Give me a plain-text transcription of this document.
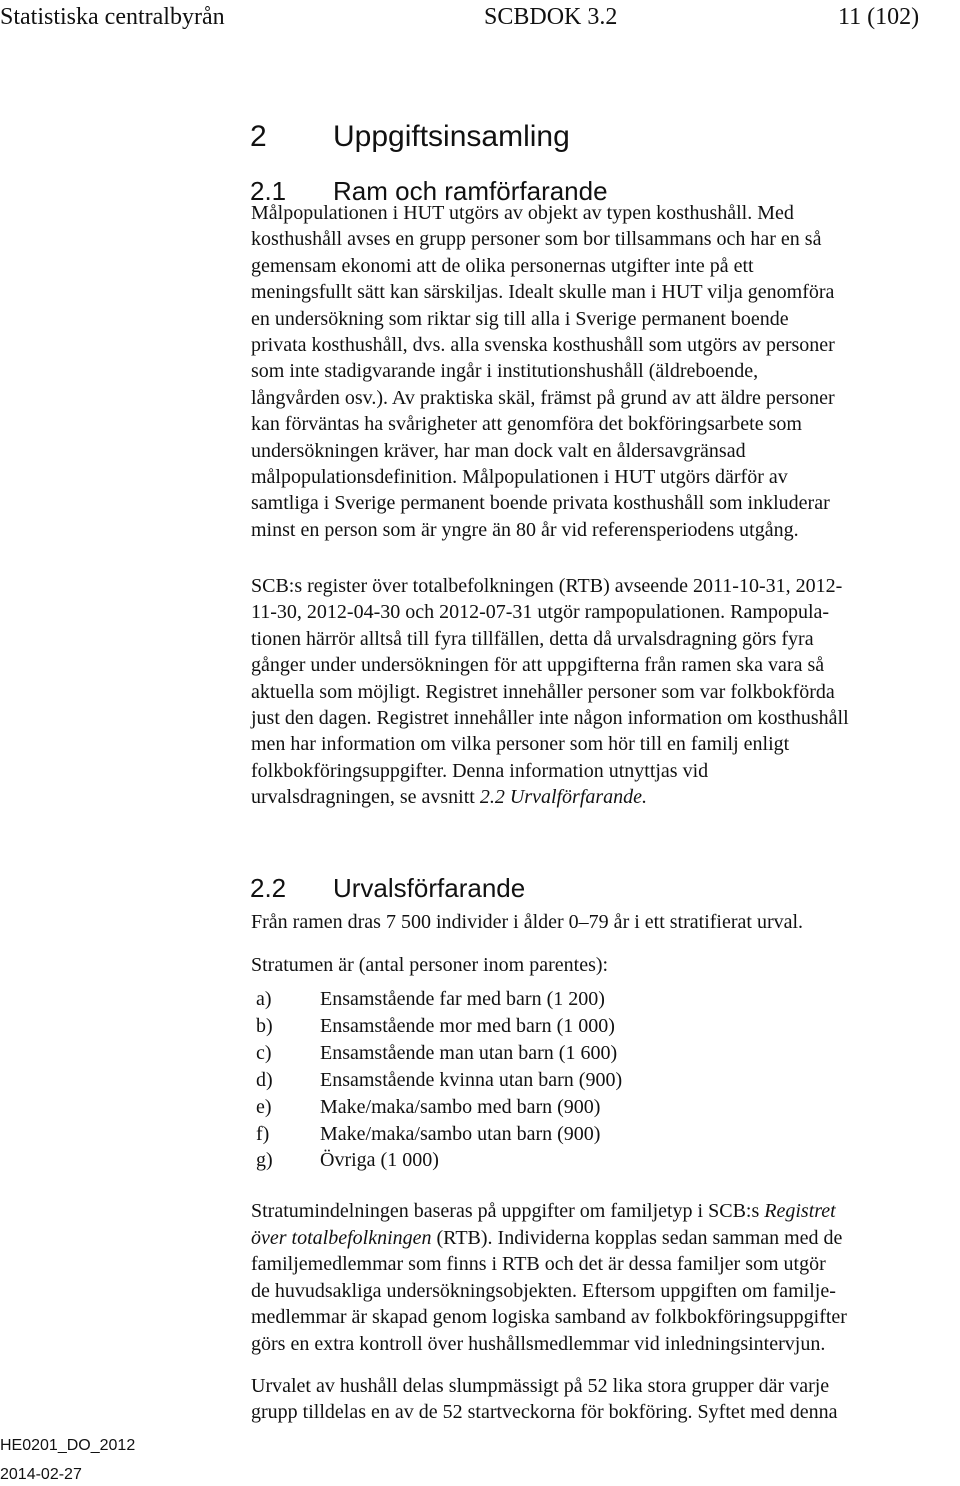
Statistiska centralbyrån	SCBDOK 3.2	11 (102)
2 Uppgiftsinsamling
2.1 Ram och ramförfarande
Målpopulationen i HUT utgörs av objekt av typen kosthushåll. Med
kosthushåll avses en grupp personer som bor tillsammans och har en så
gemensam ekonomi att de olika personernas utgifter inte på ett
meningsfullt sätt kan särskiljas. Idealt skulle man i HUT vilja genomföra
en undersökning som riktar sig till alla i Sverige permanent boende
privata kosthushåll, dvs. alla svenska kosthushåll som utgörs av personer
som inte stadigvarande ingår i institutionshushåll (äldreboende,
långvården osv.). Av praktiska skäl, främst på grund av att äldre personer
kan förväntas ha svårigheter att genomföra det bokföringsarbete som
undersökningen kräver, har man dock valt en åldersavgränsad
målpopulationsdefinition. Målpopulationen i HUT utgörs därför av
samtliga i Sverige permanent boende privata kosthushåll som inkluderar
minst en person som är yngre än 80 år vid referensperiodens utgång.
SCB:s register över totalbefolkningen (RTB) avseende 2011-10-31, 2012-
11-30, 2012-04-30 och 2012-07-31 utgör rampopulationen. Rampopula-
tionen härrör alltså till fyra tillfällen, detta då urvalsdragning görs fyra
gånger under undersökningen för att uppgifterna från ramen ska vara så
aktuella som möjligt. Registret innehåller personer som var folkbokförda
just den dagen. Registret innehåller inte någon information om kosthushåll
men har information om vilka personer som hör till en familj enligt
folkbokföringsuppgifter. Denna information utnyttjas vid
urvalsdragningen, se avsnitt 2.2 Urvalförfarande.
2.2 Urvalsförfarande
Från ramen dras 7 500 individer i ålder 0–79 år i ett stratifierat urval.
Stratumen är (antal personer inom parentes):
a) Ensamstående far med barn (1 200)
b) Ensamstående mor med barn (1 000)
c) Ensamstående man utan barn (1 600)
d) Ensamstående kvinna utan barn (900)
e) Make/maka/sambo med barn (900)
f)	Make/maka/sambo utan barn (900)
g) Övriga (1 000)
Stratumindelningen baseras på uppgifter om familjetyp i SCB:s Registret
över totalbefolkningen (RTB). Individerna kopplas sedan samman med de
familjemedlemmar som finns i RTB och det är dessa familjer som utgör
de huvudsakliga undersökningsobjekten. Eftersom uppgiften om familje-
medlemmar är skapad genom logiska samband av folkbokföringsuppgifter
görs en extra kontroll över hushållsmedlemmar vid inledningsintervjun.
Urvalet av hushåll delas slumpmässigt på 52 lika stora grupper där varje
grupp tilldelas en av de 52 startveckorna för bokföring. Syftet med denna
HE0201_DO_2012
2014-02-27
